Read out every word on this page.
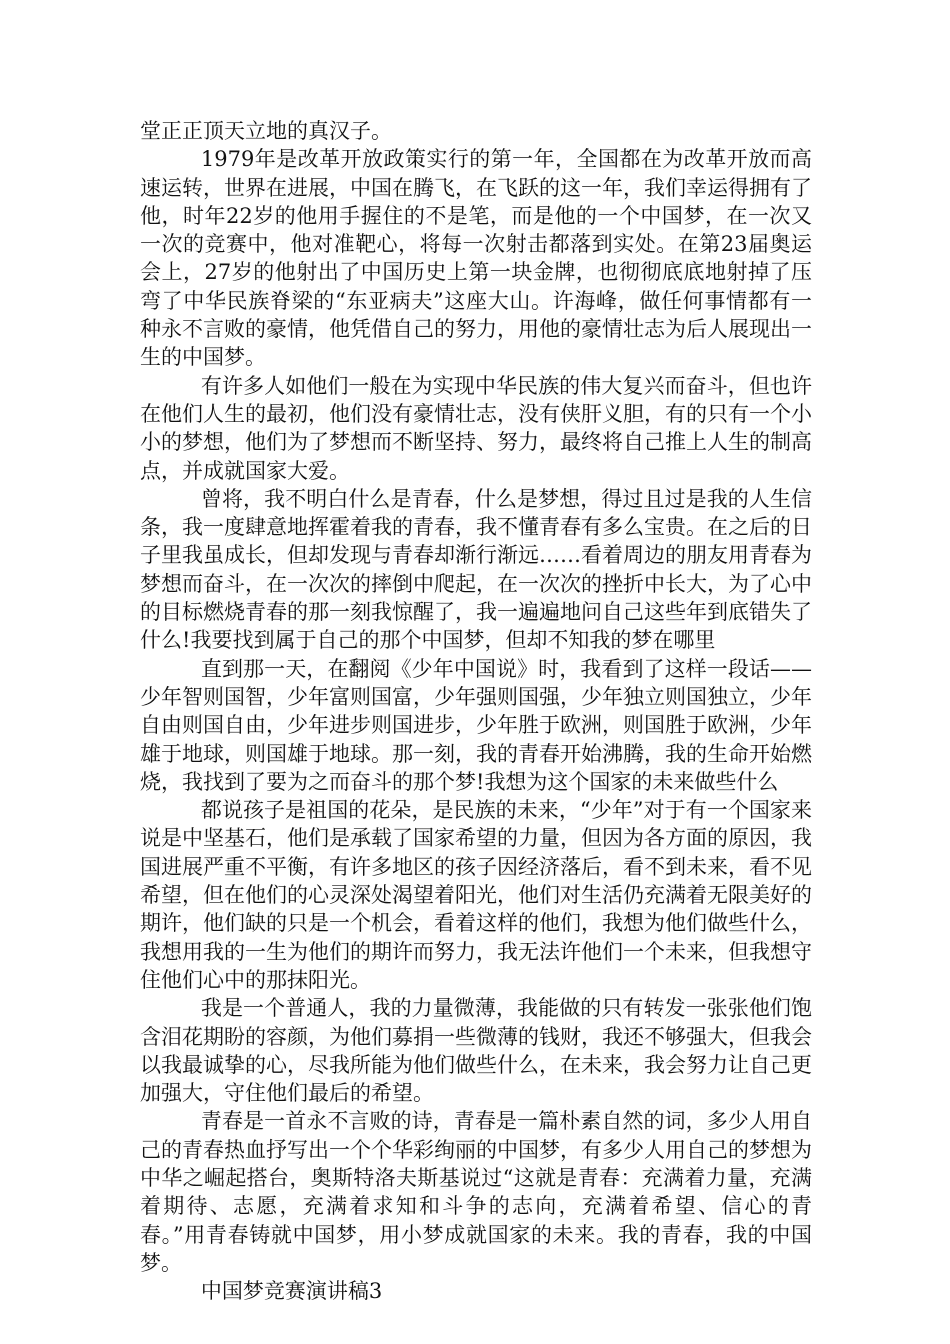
堂正正顶天立地的真汉子。

1979年是改革开放政策实行的第一年，全国都在为改革开放而高速运转，世界在进展，中国在腾飞，在飞跃的这一年，我们幸运得拥有了他，时年22岁的他用手握住的不是笔，而是他的一个中国梦，在一次又一次的竞赛中，他对准靶心，将每一次射击都落到实处。在第23届奥运会上，27岁的他射出了中国历史上第一块金牌，也彻彻底底地射掉了压弯了中华民族脊梁的“东亚病夫”这座大山。许海峰，做任何事情都有一种永不言败的豪情，他凭借自己的努力，用他的豪情壮志为后人展现出一生的中国梦。

有许多人如他们一般在为实现中华民族的伟大复兴而奋斗，但也许在他们人生的最初，他们没有豪情壮志，没有侠肝义胆，有的只有一个小小的梦想，他们为了梦想而不断坚持、努力，最终将自己推上人生的制高点，并成就国家大爱。

曾将，我不明白什么是青春，什么是梦想，得过且过是我的人生信条，我一度肆意地挥霍着我的青春，我不懂青春有多么宝贵。在之后的日子里我虽成长，但却发现与青春却渐行渐远……看着周边的朋友用青春为梦想而奋斗，在一次次的摔倒中爬起，在一次次的挫折中长大，为了心中的目标燃烧青春的那一刻我惊醒了，我一遍遍地问自己这些年到底错失了什么!我要找到属于自己的那个中国梦，但却不知我的梦在哪里

直到那一天，在翻阅《少年中国说》时，我看到了这样一段话——少年智则国智，少年富则国富，少年强则国强，少年独立则国独立，少年自由则国自由，少年进步则国进步，少年胜于欧洲，则国胜于欧洲，少年雄于地球，则国雄于地球。那一刻，我的青春开始沸腾，我的生命开始燃烧，我找到了要为之而奋斗的那个梦!我想为这个国家的未来做些什么

都说孩子是祖国的花朵，是民族的未来，“少年”对于有一个国家来说是中坚基石，他们是承载了国家希望的力量，但因为各方面的原因，我国进展严重不平衡，有许多地区的孩子因经济落后，看不到未来，看不见希望，但在他们的心灵深处渴望着阳光，他们对生活仍充满着无限美好的期许，他们缺的只是一个机会，看着这样的他们，我想为他们做些什么，我想用我的一生为他们的期许而努力，我无法许他们一个未来，但我想守住他们心中的那抹阳光。

我是一个普通人，我的力量微薄，我能做的只有转发一张张他们饱含泪花期盼的容颜，为他们募捐一些微薄的钱财，我还不够强大，但我会以我最诚挚的心，尽我所能为他们做些什么，在未来，我会努力让自己更加强大，守住他们最后的希望。

青春是一首永不言败的诗，青春是一篇朴素自然的词，多少人用自己的青春热血抒写出一个个华彩绚丽的中国梦，有多少人用自己的梦想为中华之崛起搭台，奥斯特洛夫斯基说过“这就是青春：充满着力量，充满着期待、志愿，充满着求知和斗争的志向，充满着希望、信心的青春。”用青春铸就中国梦，用小梦成就国家的未来。我的青春，我的中国梦。

中国梦竞赛演讲稿3
